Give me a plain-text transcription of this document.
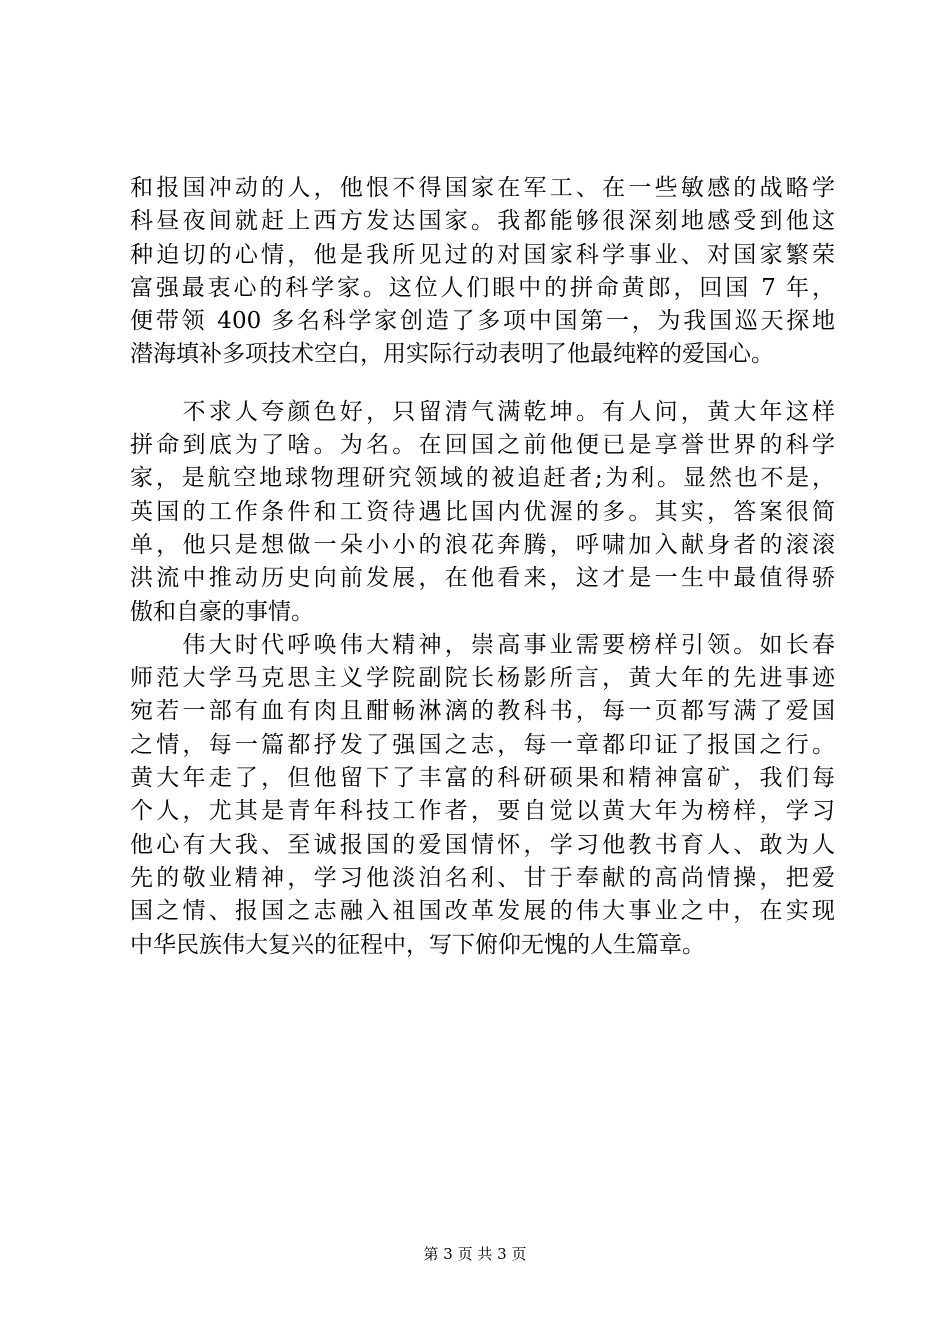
和报国冲动的人，他恨不得国家在军工、在一些敏感的战略学
科昼夜间就赶上西方发达国家。我都能够很深刻地感受到他这
种迫切的心情，他是我所见过的对国家科学事业、对国家繁荣
富强最衷心的科学家。这位人们眼中的拼命黄郎，回国 7 年，
便带领 400 多名科学家创造了多项中国第一，为我国巡天探地
潜海填补多项技术空白，用实际行动表明了他最纯粹的爱国心。
　　不求人夸颜色好，只留清气满乾坤。有人问，黄大年这样
拼命到底为了啥。为名。在回国之前他便已是享誉世界的科学
家，是航空地球物理研究领域的被追赶者;为利。显然也不是，
英国的工作条件和工资待遇比国内优渥的多。其实，答案很简
单，他只是想做一朵小小的浪花奔腾，呼啸加入献身者的滚滚
洪流中推动历史向前发展，在他看来，这才是一生中最值得骄
傲和自豪的事情。
　　伟大时代呼唤伟大精神，崇高事业需要榜样引领。如长春
师范大学马克思主义学院副院长杨影所言，黄大年的先进事迹
宛若一部有血有肉且酣畅淋漓的教科书，每一页都写满了爱国
之情，每一篇都抒发了强国之志，每一章都印证了报国之行。
黄大年走了，但他留下了丰富的科研硕果和精神富矿，我们每
个人，尤其是青年科技工作者，要自觉以黄大年为榜样，学习
他心有大我、至诚报国的爱国情怀，学习他教书育人、敢为人
先的敬业精神，学习他淡泊名利、甘于奉献的高尚情操，把爱
国之情、报国之志融入祖国改革发展的伟大事业之中，在实现
中华民族伟大复兴的征程中，写下俯仰无愧的人生篇章。
第 3 页 共 3 页
